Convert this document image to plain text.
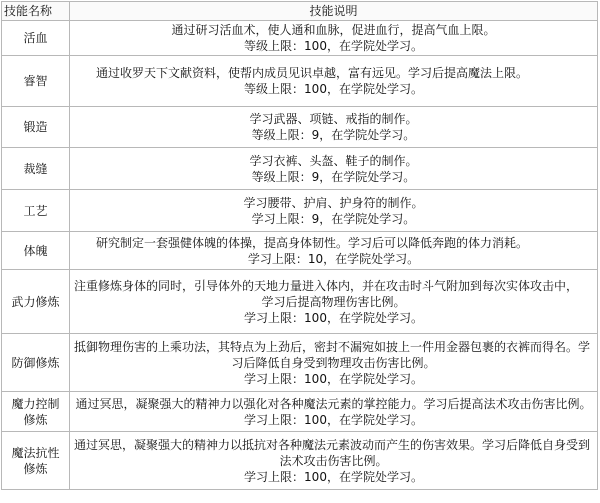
技能名称	技能说明
活血	通过研习活血术，使人通和血脉，促进血行，提高气血上限。
等级上限：100，在学院处学习。

睿智	通过收罗天下文献资料，使帮内成员见识卓越，富有远见。学习后提高魔法上限。
等级上限：100，在学院处学习。

锻造	学习武器、项链、戒指的制作。
等级上限：9，在学院处学习。

裁缝	学习衣裤、头盔、鞋子的制作。
等级上限：9，在学院处学习。

工艺	学习腰带、护肩、护身符的制作。
学习上限：9，在学院处学习。

体魄	研究制定一套强健体魄的体操，提高身体韧性。学习后可以降低奔跑的体力消耗。
学习上限：10，在学院处学习。

武力修炼	注重修炼身体的同时，引导体外的天地力量进入体内，并在攻击时斗气附加到每次实体攻击中，
学习后提高物理伤害比例。
学习上限：100，在学院处学习。

防御修炼	抵御物理伤害的上乘功法，其特点为上劲后，密封不漏宛如披上一件用金器包裹的衣裤而得名。学
习后降低自身受到物理攻击伤害比例。
学习上限：100，在学院处学习。

魔力控制修炼	通过冥思，凝聚强大的精神力以强化对各种魔法元素的掌控能力。学习后提高法术攻击伤害比例。
学习上限：100，在学院处学习。

魔法抗性修炼	通过冥思，凝聚强大的精神力以抵抗对各种魔法元素波动而产生的伤害效果。学习后降低自身受到
法术攻击伤害比例。
学习上限：100，在学院处学习。
